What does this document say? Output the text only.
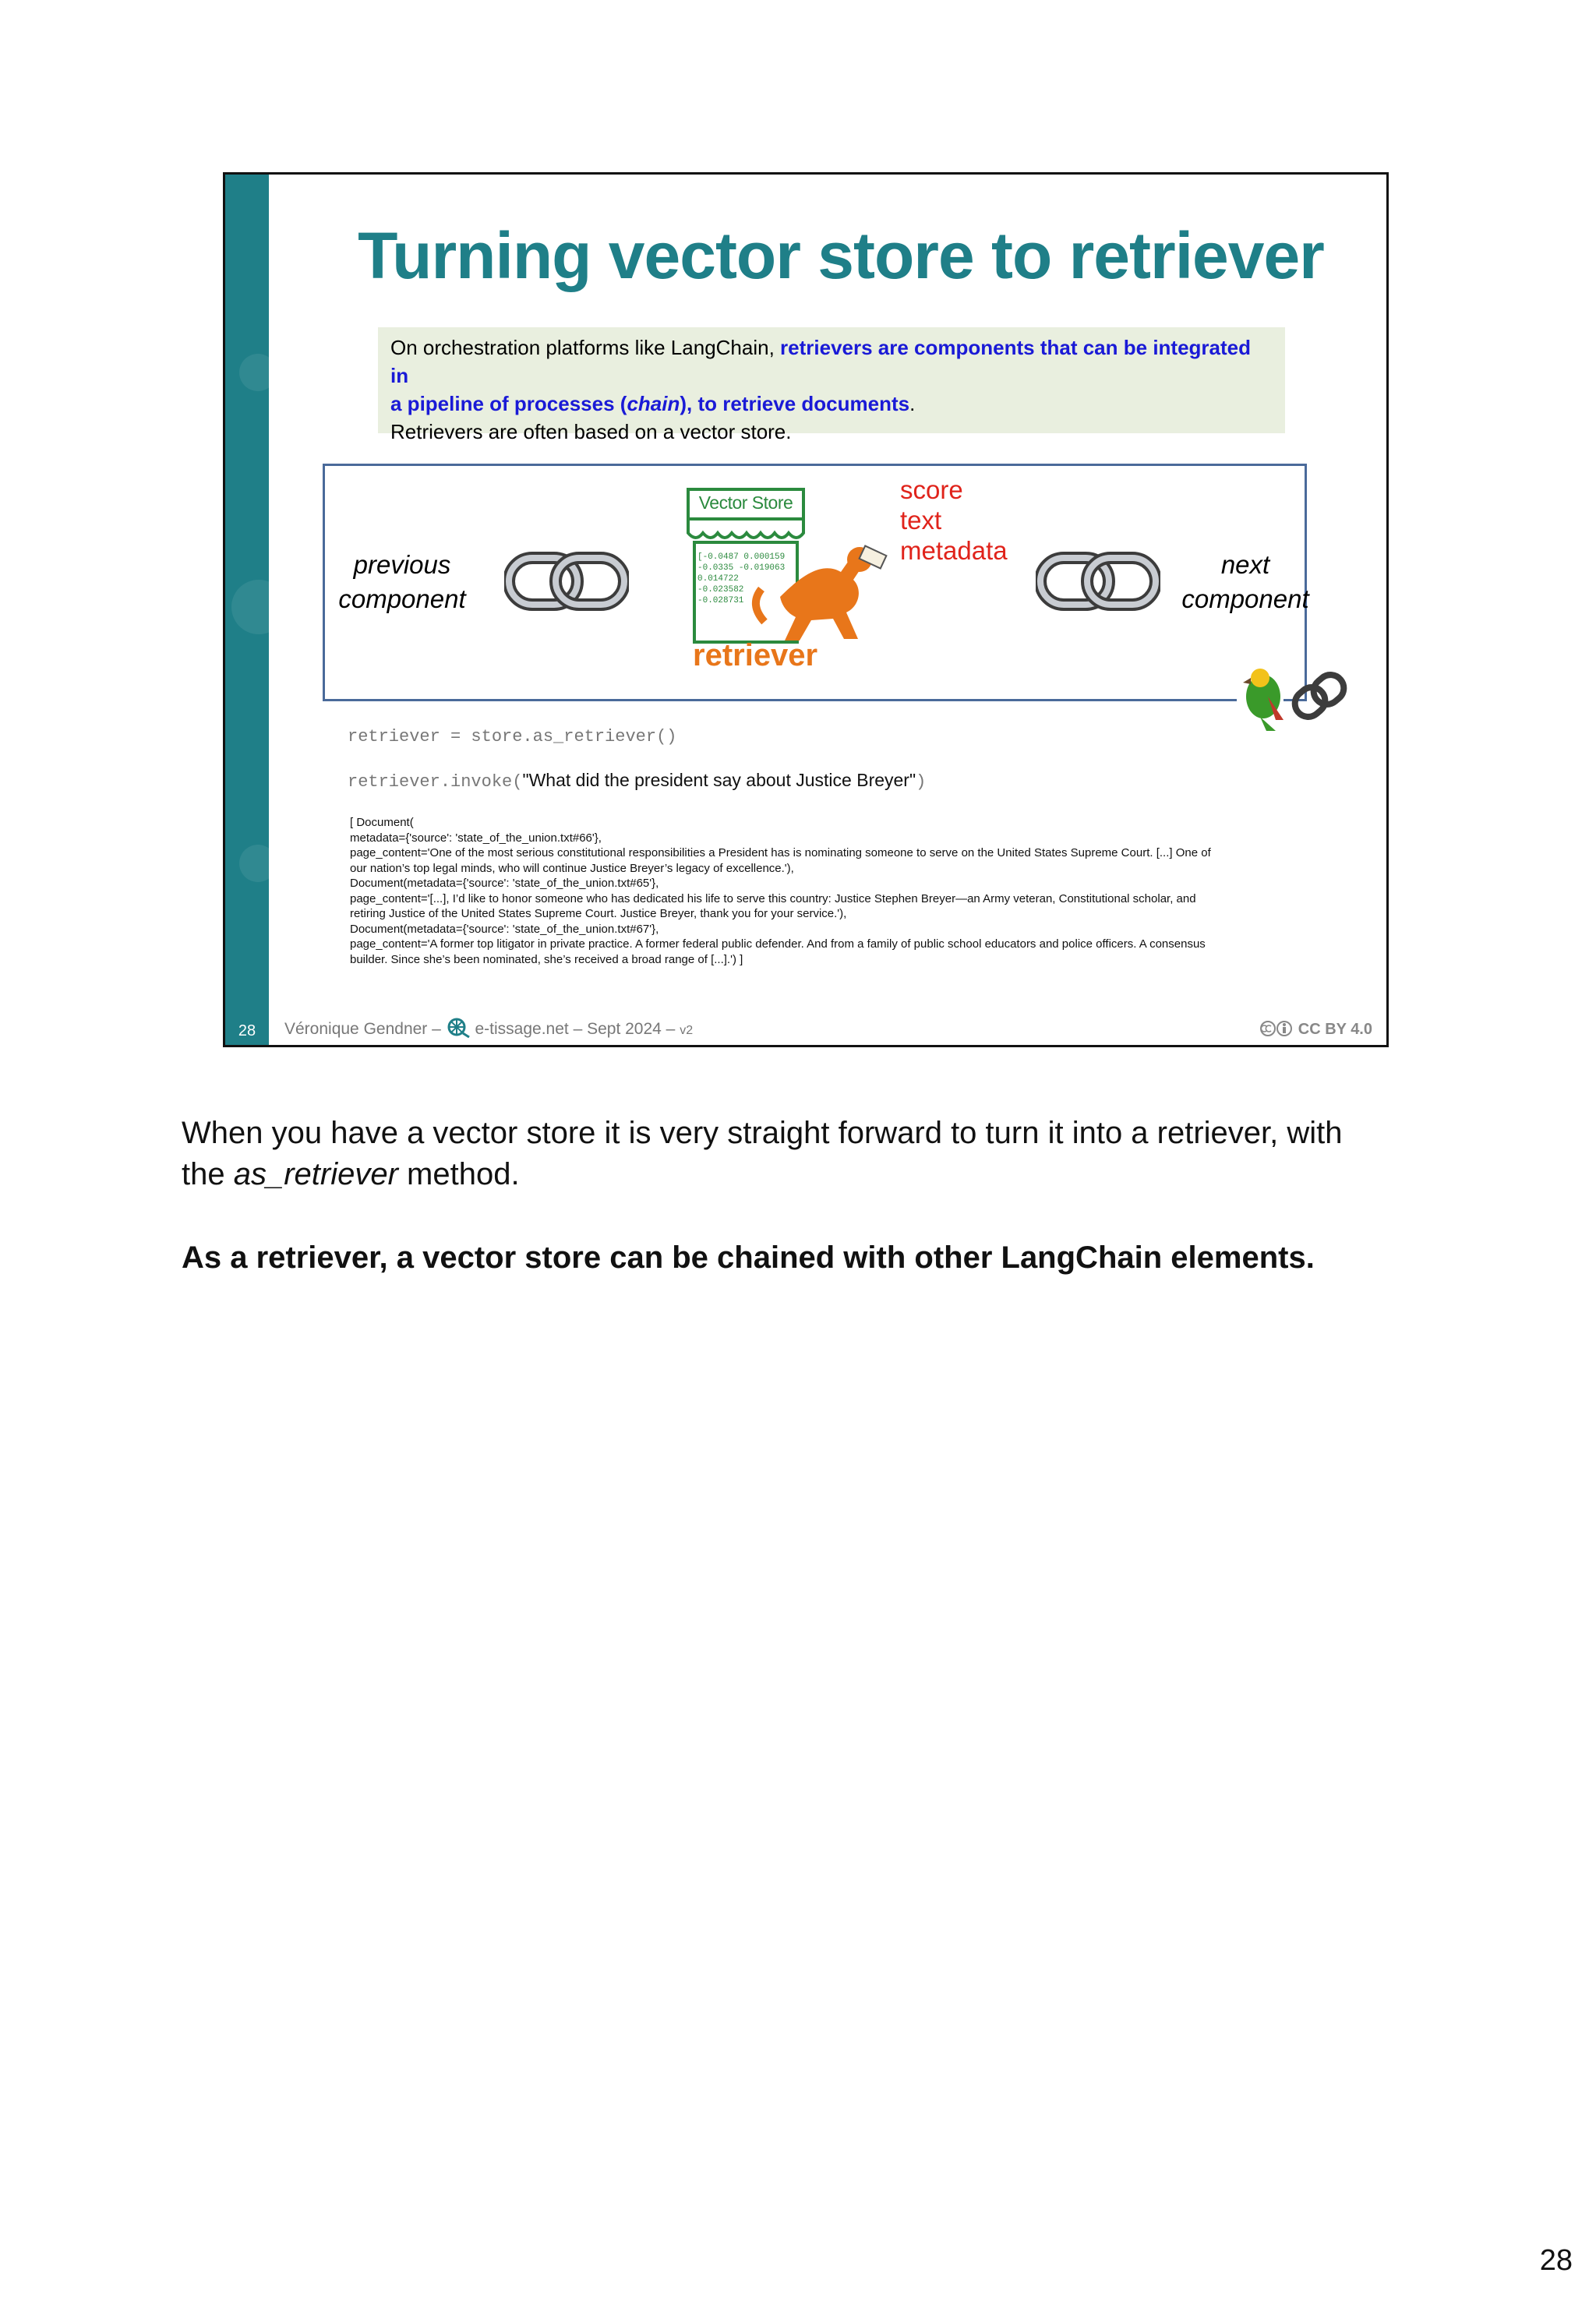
Turning vector store to retriever
On orchestration platforms like LangChain, retrievers are components that can be integrated in
a pipeline of processes (chain), to retrieve documents.
Retrievers are often based on a vector store.
previous
component
next
component
Vector Store
[-0.0487 0.000159
-0.0335 -0.019063
0.014722
-0.023582
-0.028731
score
text
metadata
retriever
retriever = store.as_retriever()
retriever.invoke("What did the president say about Justice Breyer")
[ Document(
metadata={'source': 'state_of_the_union.txt#66'},
page_content='One of the most serious constitutional responsibilities a President has is nominating someone to serve on the United States Supreme Court. [...] One of
our nation’s top legal minds, who will continue Justice Breyer’s legacy of excellence.'),
Document(metadata={'source': 'state_of_the_union.txt#65'},
page_content='[...], I’d like to honor someone who has dedicated his life to serve this country: Justice Stephen Breyer—an Army veteran, Constitutional scholar, and
retiring Justice of the United States Supreme Court. Justice Breyer, thank you for your service.'),
Document(metadata={'source': 'state_of_the_union.txt#67'},
page_content='A former top litigator in private practice. A former federal public defender. And from a family of public school educators and police officers. A consensus
builder. Since she’s been nominated, she’s received a broad range of [...].') ]
28	Véronique Gendner – e-tissage.net – Sept 2024 – v2	CC BY 4.0
When you have a vector store it is very straight forward to turn it into a retriever, with
the as_retriever method.
As a retriever, a vector store can be chained with other LangChain elements.
28
